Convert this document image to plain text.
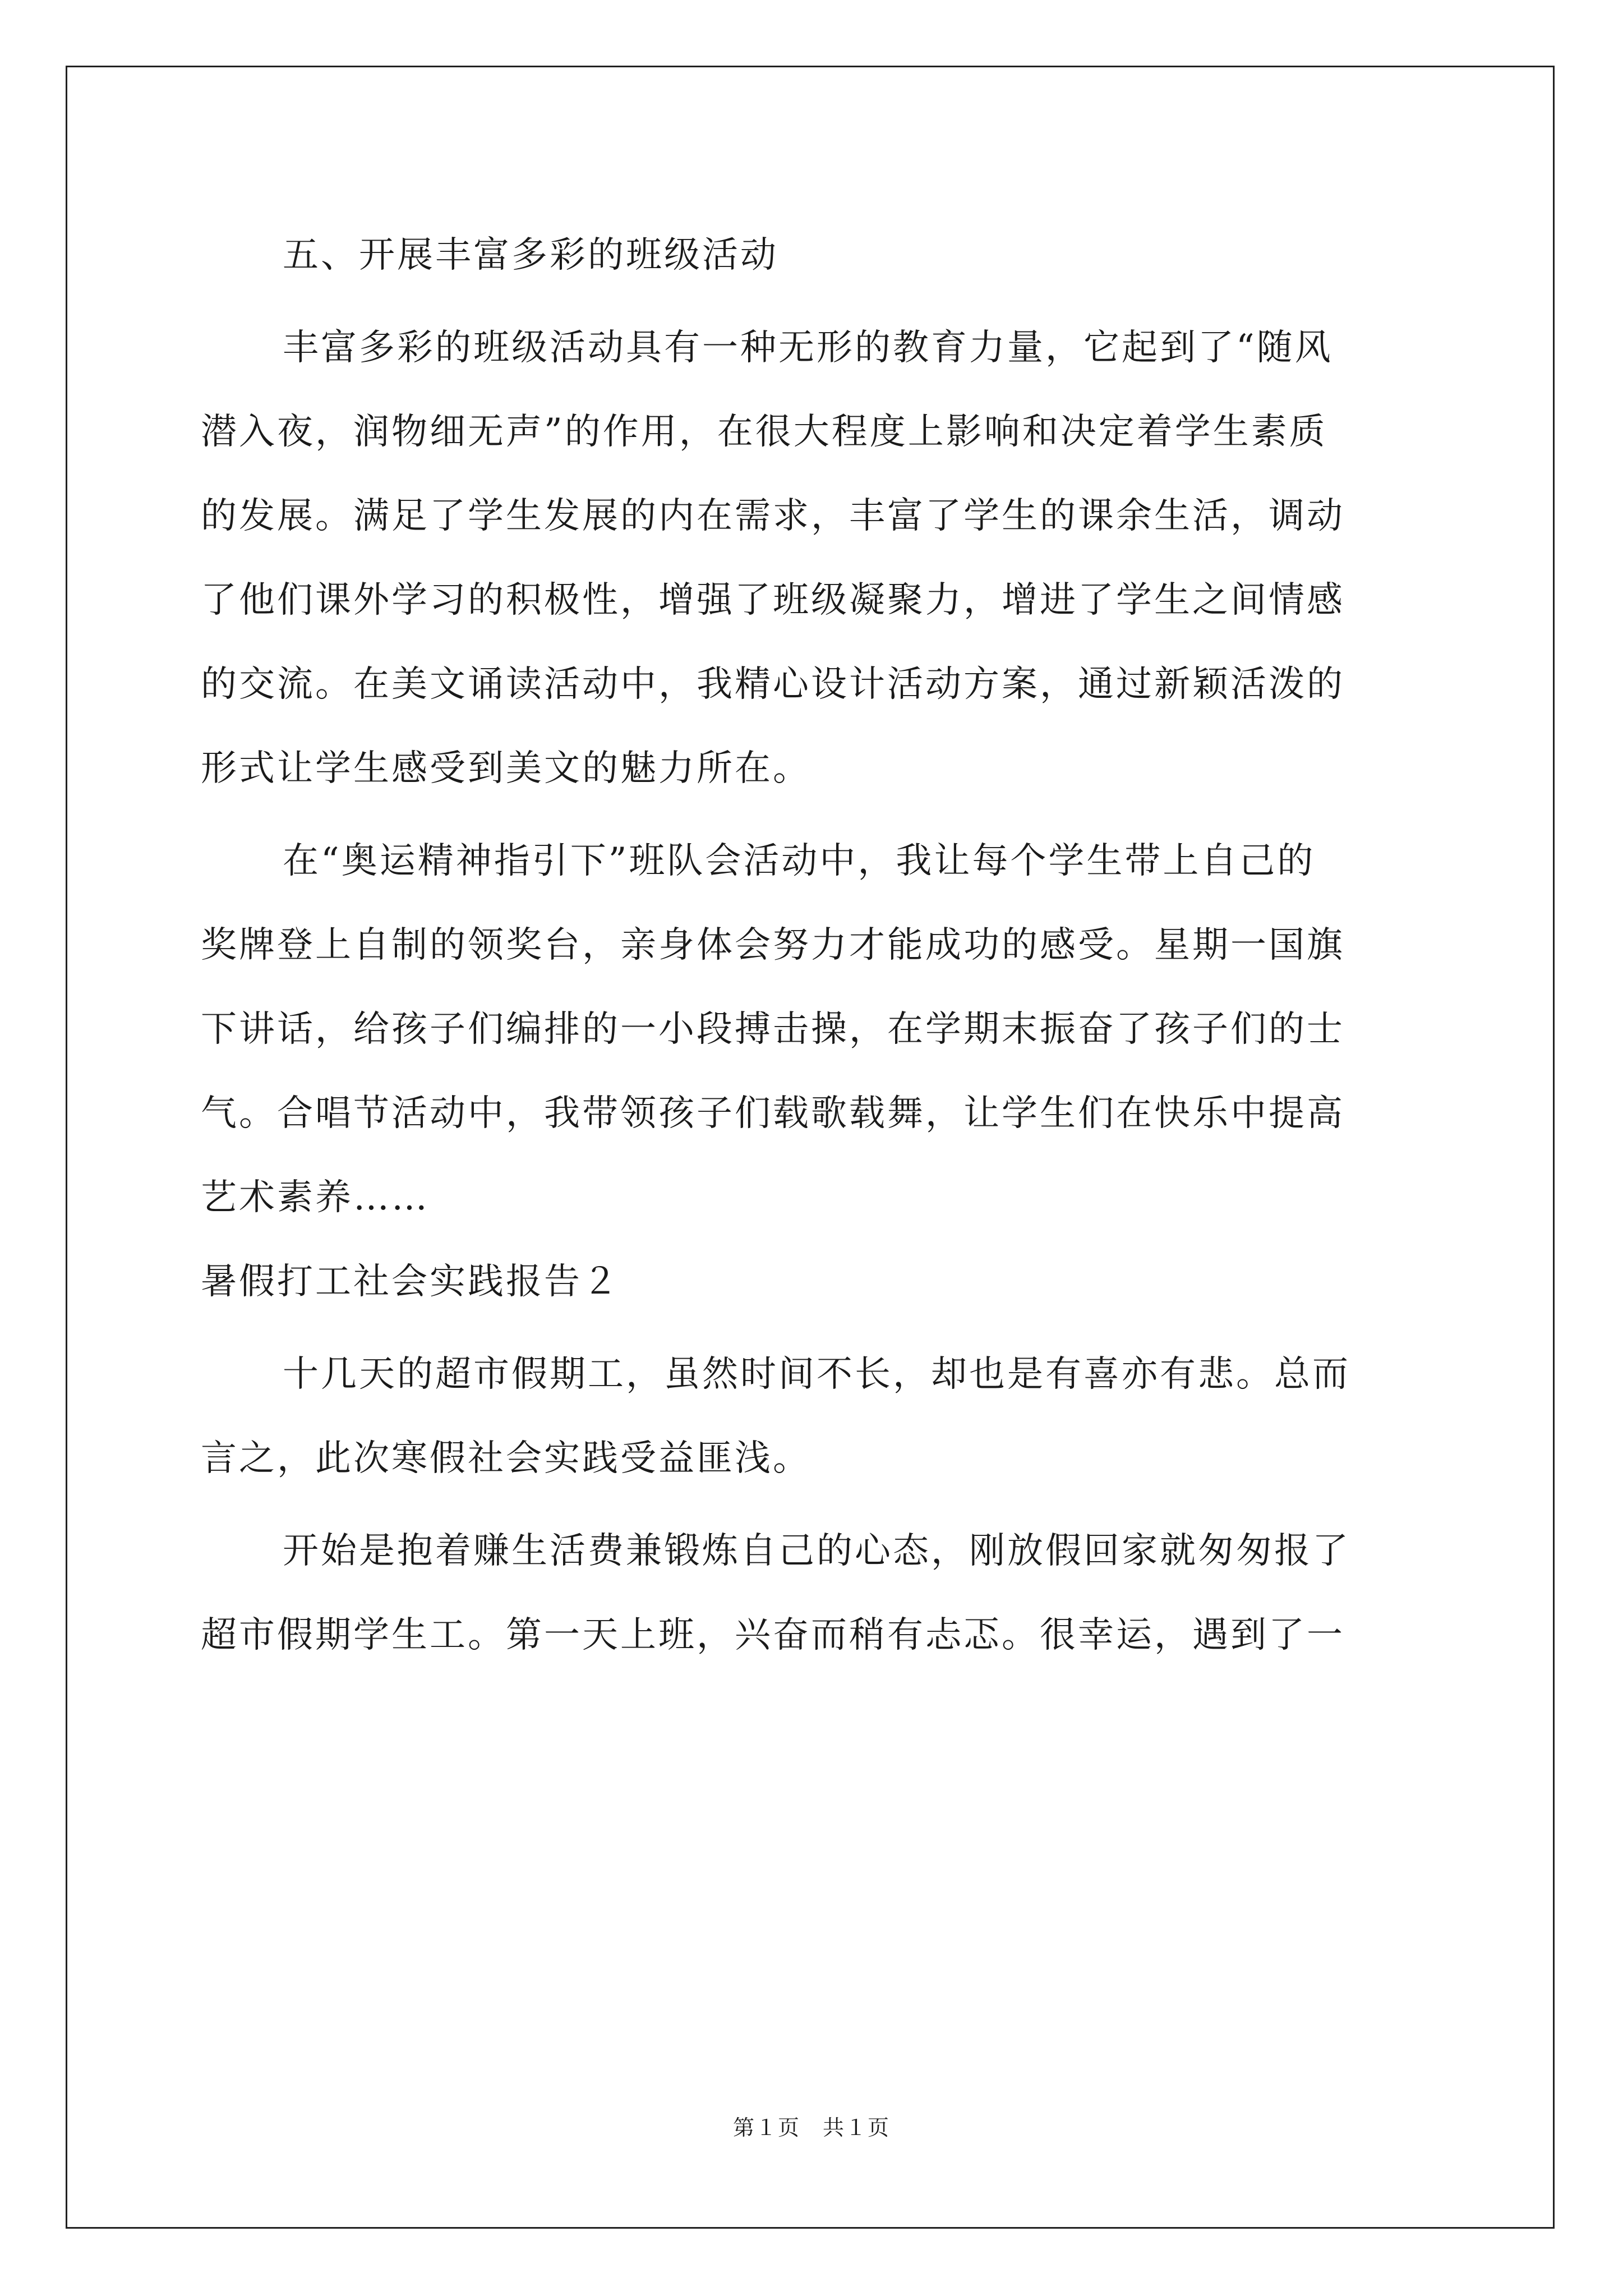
五、开展丰富多彩的班级活动
丰富多彩的班级活动具有一种无形的教育力量，它起到了“随风
潜入夜，润物细无声”的作用，在很大程度上影响和决定着学生素质
的发展。满足了学生发展的内在需求，丰富了学生的课余生活，调动
了他们课外学习的积极性，增强了班级凝聚力，增进了学生之间情感
的交流。在美文诵读活动中，我精心设计活动方案，通过新颖活泼的
形式让学生感受到美文的魅力所在。
在“奥运精神指引下”班队会活动中，我让每个学生带上自己的
奖牌登上自制的领奖台，亲身体会努力才能成功的感受。星期一国旗
下讲话，给孩子们编排的一小段搏击操，在学期末振奋了孩子们的士
气。合唱节活动中，我带领孩子们载歌载舞，让学生们在快乐中提高
艺术素养……
暑假打工社会实践报告２
十几天的超市假期工，虽然时间不长，却也是有喜亦有悲。总而
言之，此次寒假社会实践受益匪浅。
开始是抱着赚生活费兼锻炼自己的心态，刚放假回家就匆匆报了
超市假期学生工。第一天上班，兴奋而稍有忐忑。很幸运，遇到了一
第１页　共１页
